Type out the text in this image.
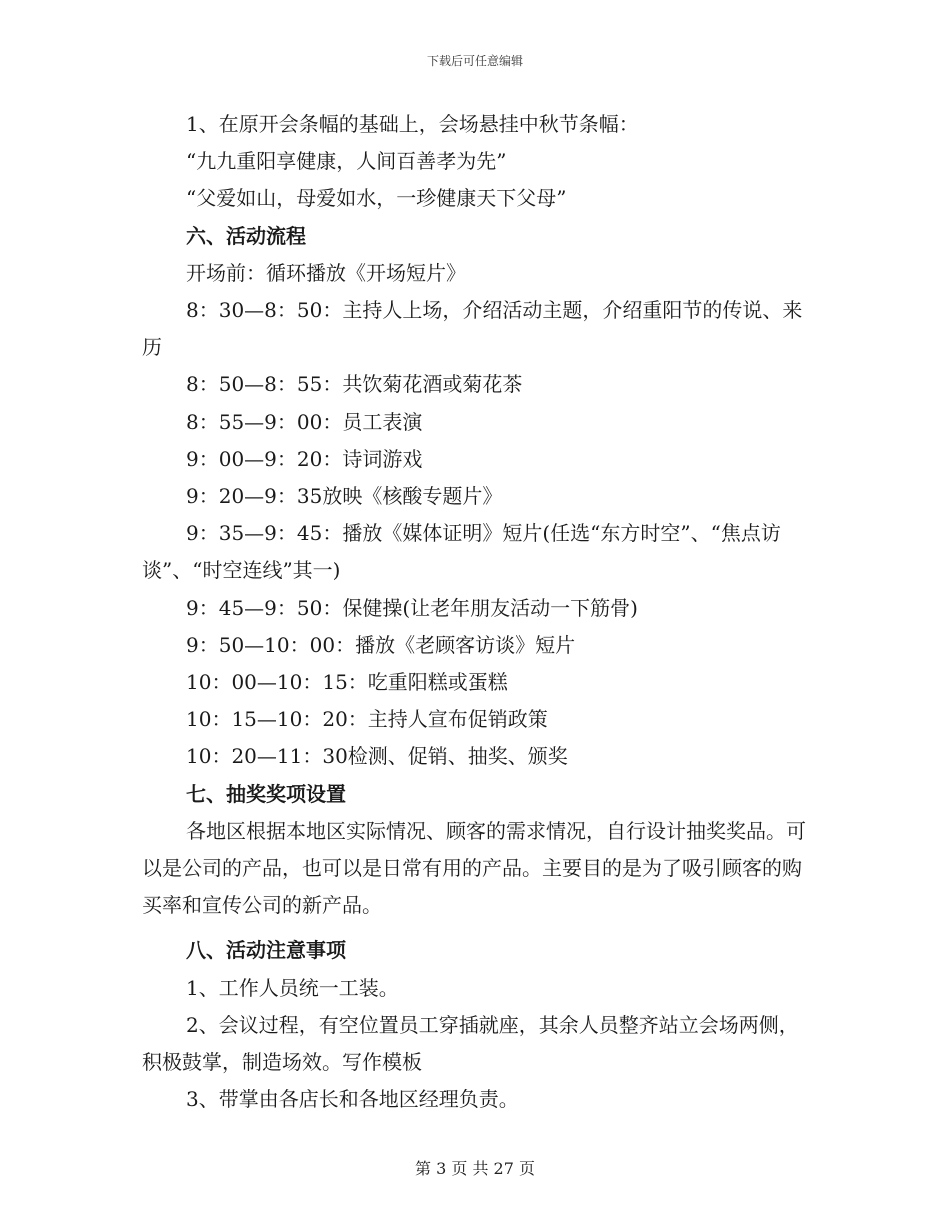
下载后可任意编辑

1、在原开会条幅的基础上，会场悬挂中秋节条幅：

“九九重阳享健康，人间百善孝为先”

“父爱如山，母爱如水，一珍健康天下父母”

六、活动流程

开场前：循环播放《开场短片》

8：30—8：50：主持人上场，介绍活动主题，介绍重阳节的传说、来历

8：50—8：55：共饮菊花酒或菊花茶

8：55—9：00：员工表演

9：00—9：20：诗词游戏

9：20—9：35放映《核酸专题片》

9：35—9：45：播放《媒体证明》短片(任选“东方时空”、“焦点访谈”、“时空连线”其一)

9：45—9：50：保健操(让老年朋友活动一下筋骨)

9：50—10：00：播放《老顾客访谈》短片

10：00—10：15：吃重阳糕或蛋糕

10：15—10：20：主持人宣布促销政策

10：20—11：30检测、促销、抽奖、颁奖

七、抽奖奖项设置

各地区根据本地区实际情况、顾客的需求情况，自行设计抽奖奖品。可以是公司的产品，也可以是日常有用的产品。主要目的是为了吸引顾客的购买率和宣传公司的新产品。

八、活动注意事项

1、工作人员统一工装。

2、会议过程，有空位置员工穿插就座，其余人员整齐站立会场两侧，积极鼓掌，制造场效。写作模板

3、带掌由各店长和各地区经理负责。

第 3 页 共 27 页
